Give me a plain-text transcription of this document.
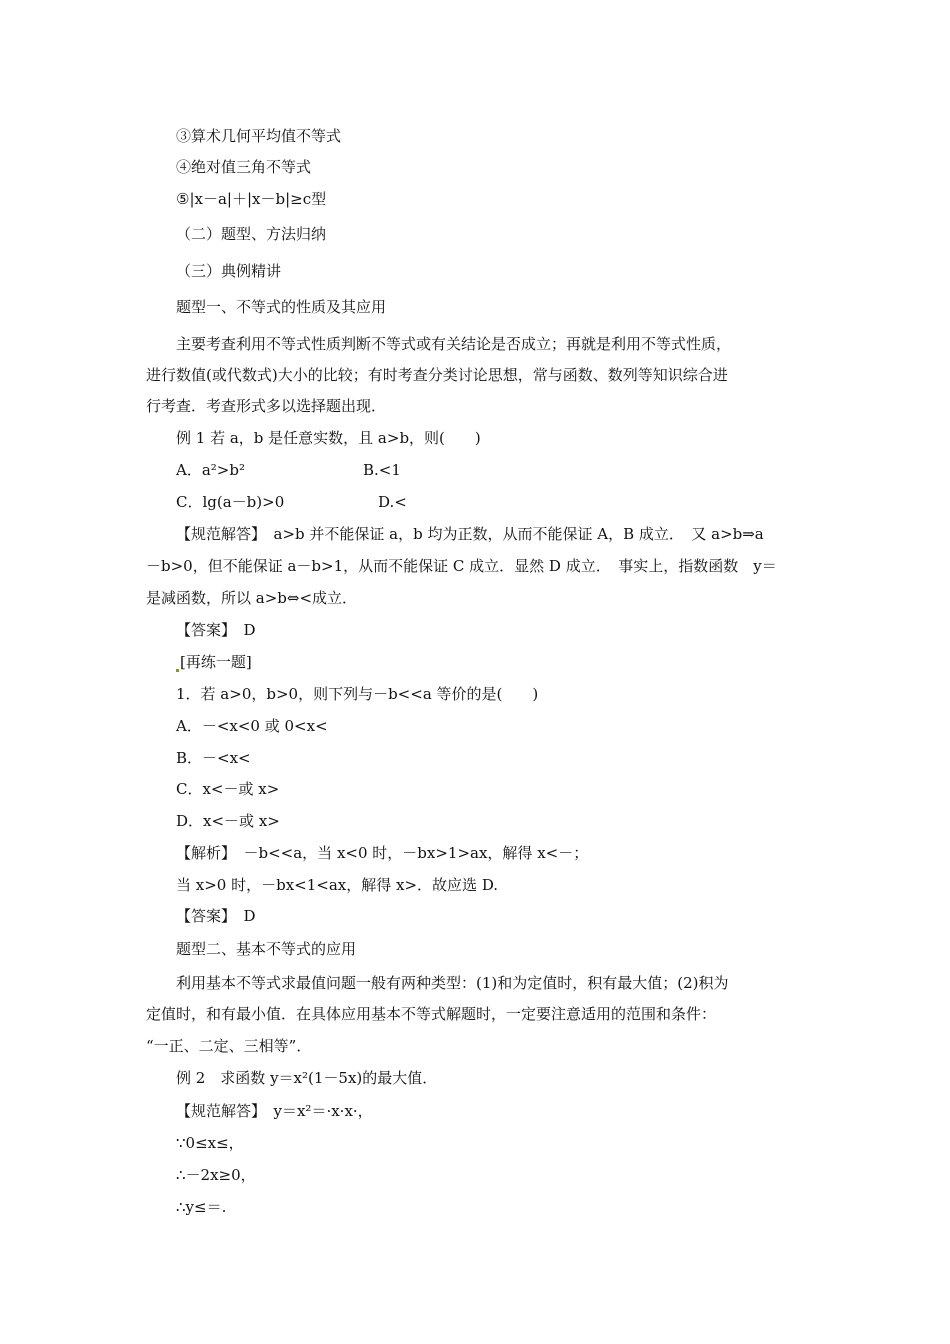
③算术几何平均值不等式
④绝对值三角不等式
⑤|x－a|＋|x－b|≥c型
（二）题型、方法归纳
（三）典例精讲
题型一、不等式的性质及其应用
主要考查利用不等式性质判断不等式或有关结论是否成立；再就是利用不等式性质，
进行数值(或代数式)大小的比较；有时考查分类讨论思想，常与函数、数列等知识综合进
行考查．考查形式多以选择题出现．
例 1 若 a，b 是任意实数，且 a>b，则(　　)
A．a²>b²	B.<1
C．lg(a－b)>0	D.<
【规范解答】　a>b 并不能保证 a，b 均为正数，从而不能保证 A，B 成立．　又 a>b⇒a
－b>0，但不能保证 a－b>1，从而不能保证 C 成立．显然 D 成立．　事实上，指数函数　y＝
是减函数，所以 a>b⇔<成立．
【答案】　D
[再练一题]
1．若 a>0，b>0，则下列与－b<<a 等价的是(　　)
A．－<x<0 或 0<x<
B．－<x<
C．x<－或 x>
D．x<－或 x>
【解析】　－b<<a，当 x<0 时，－bx>1>ax，解得 x<－；
当 x>0 时，－bx<1<ax，解得 x>．故应选 D.
【答案】　D
题型二、基本不等式的应用
利用基本不等式求最值问题一般有两种类型：(1)和为定值时，积有最大值；(2)积为
定值时，和有最小值．在具体应用基本不等式解题时，一定要注意适用的范围和条件：
“一正、二定、三相等”．
例 2　求函数 y＝x²(1－5x)的最大值．
【规范解答】　y＝x²＝·x·x·，
∵0≤x≤，
∴－2x≥0，
∴y≤＝.
